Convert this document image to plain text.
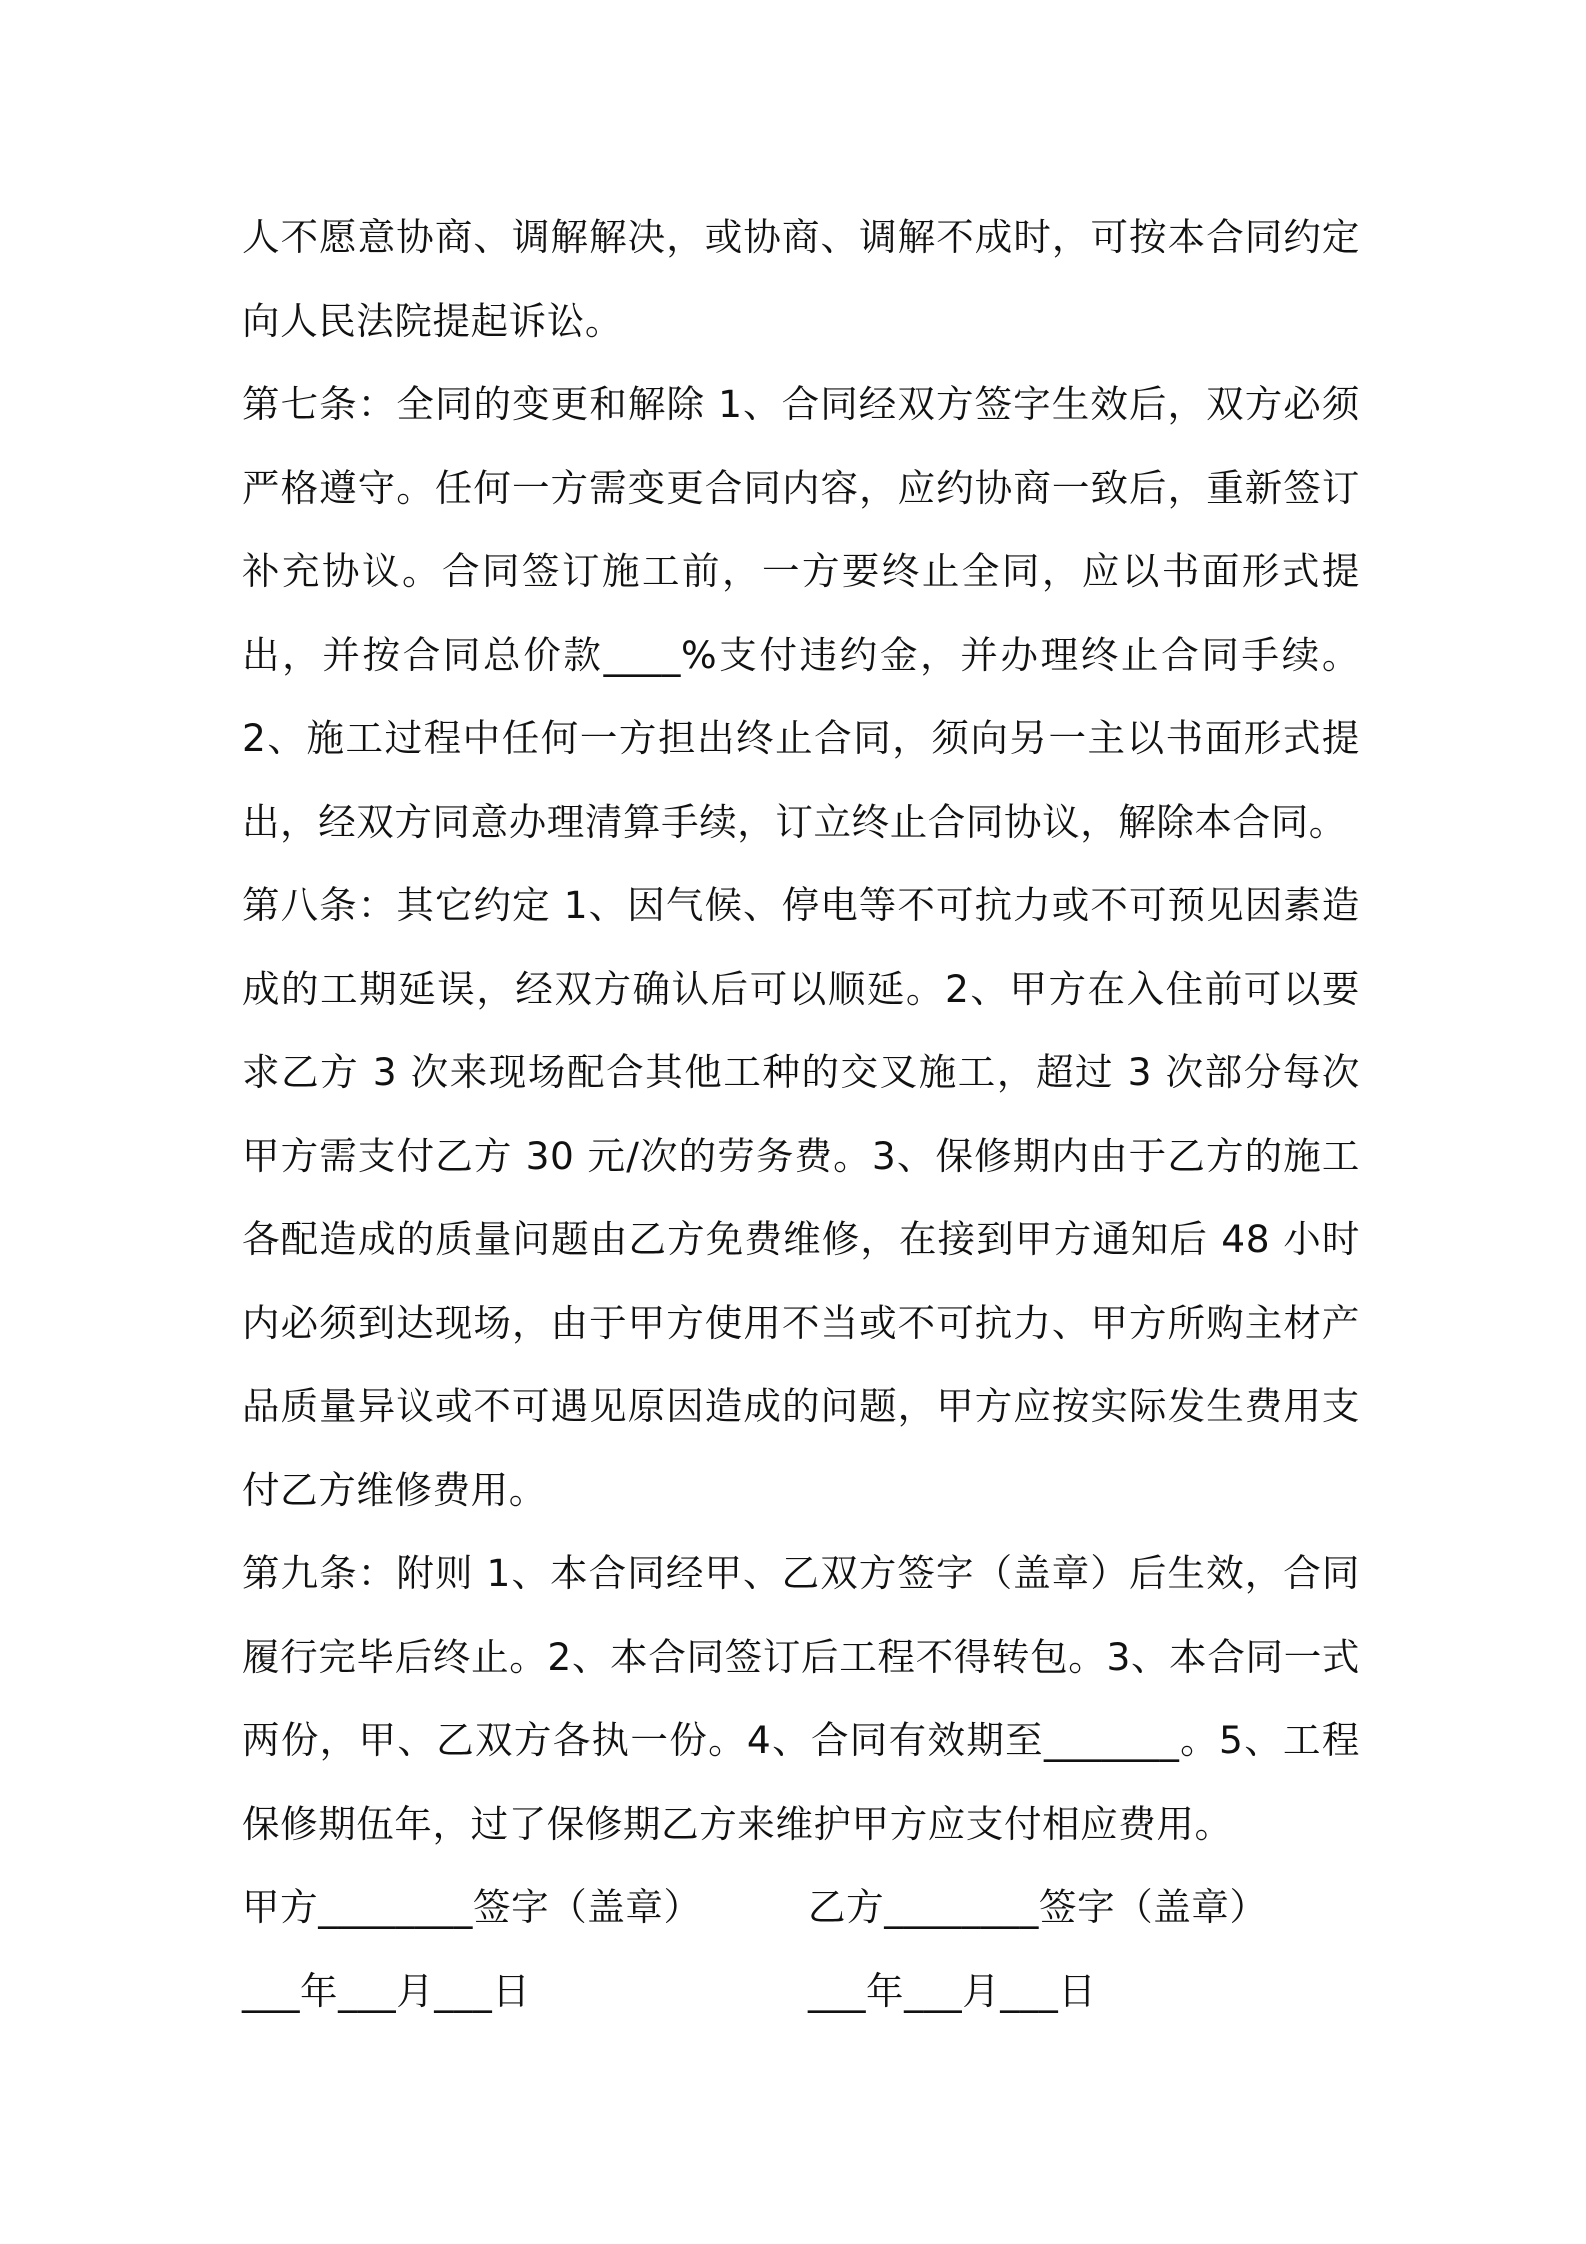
人不愿意协商、调解解决，或协商、调解不成时，可按本合同约定向人民法院提起诉讼。

第七条：全同的变更和解除 1、合同经双方签字生效后，双方必须严格遵守。任何一方需变更合同内容，应约协商一致后，重新签订补充协议。合同签订施工前，一方要终止全同，应以书面形式提出，并按合同总价款____%支付违约金，并办理终止合同手续。2、施工过程中任何一方担出终止合同，须向另一主以书面形式提出，经双方同意办理清算手续，订立终止合同协议，解除本合同。

第八条：其它约定 1、因气候、停电等不可抗力或不可预见因素造成的工期延误，经双方确认后可以顺延。2、甲方在入住前可以要求乙方 3 次来现场配合其他工种的交叉施工，超过 3 次部分每次甲方需支付乙方 30 元/次的劳务费。3、保修期内由于乙方的施工各配造成的质量问题由乙方免费维修，在接到甲方通知后 48 小时内必须到达现场，由于甲方使用不当或不可抗力、甲方所购主材产品质量异议或不可遇见原因造成的问题，甲方应按实际发生费用支付乙方维修费用。

第九条：附则 1、本合同经甲、乙双方签字（盖章）后生效，合同履行完毕后终止。2、本合同签订后工程不得转包。3、本合同一式两份，甲、乙双方各执一份。4、合同有效期至_______。5、工程保修期伍年，过了保修期乙方来维护甲方应支付相应费用。

甲方________签字（盖章）	乙方________签字（盖章）
___年___月___日	___年___月___日
